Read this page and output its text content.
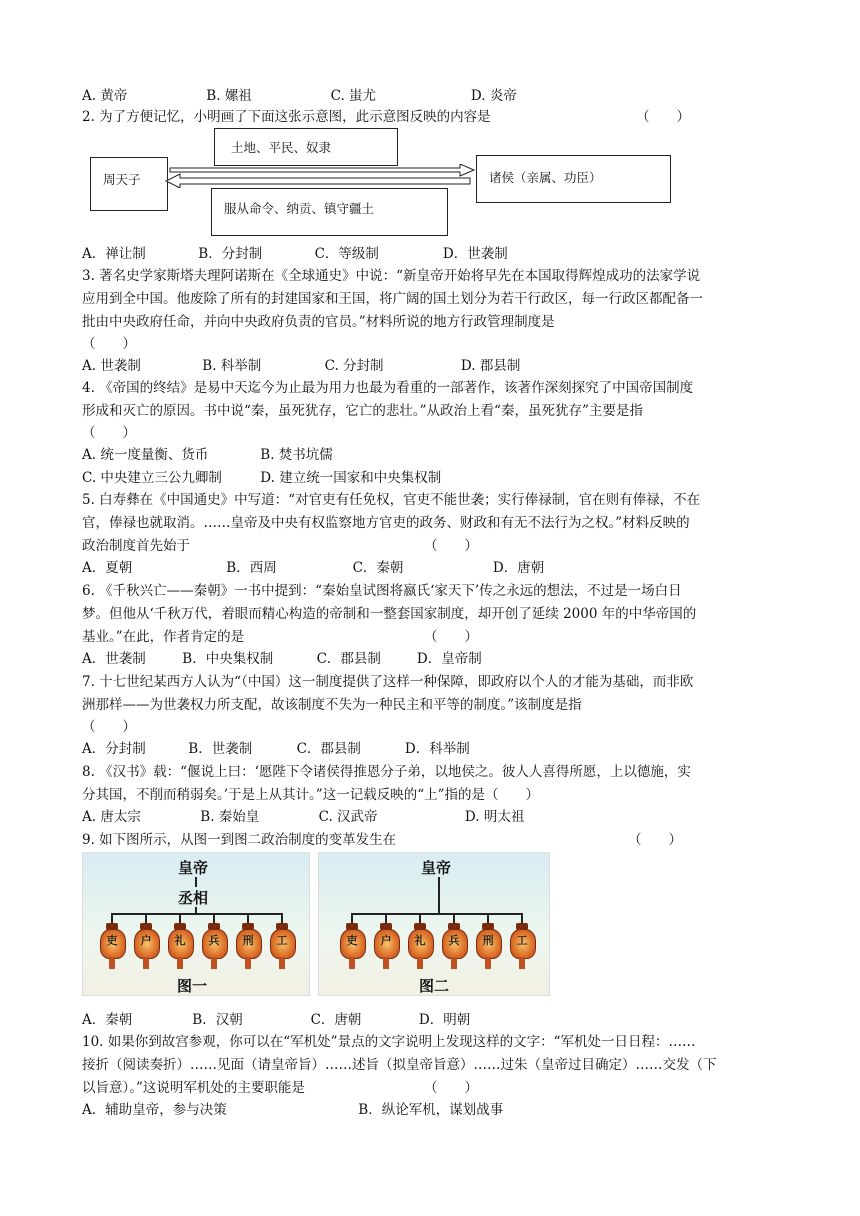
A. 黄帝	B. 嫘祖	C. 蚩尤	D. 炎帝
2. 为了方便记忆，小明画了下面这张示意图，此示意图反映的内容是	（　　）
周天子
土地、平民、奴隶
服从命令、纳贡、镇守疆土
诸侯（亲属、功臣）
A．禅让制	B．分封制	C．等级制	D．世袭制
3. 著名史学家斯塔夫理阿诺斯在《全球通史》中说：“新皇帝开始将早先在本国取得辉煌成功的法家学说
应用到全中国。他废除了所有的封建国家和王国，将广阔的国土划分为若干行政区，每一行政区都配备一
批由中央政府任命，并向中央政府负责的官员。”材料所说的地方行政管理制度是
（　　）
A. 世袭制	B. 科举制	C. 分封制	D. 郡县制
4. 《帝国的终结》是易中天迄今为止最为用力也最为看重的一部著作，该著作深刻探究了中国帝国制度
形成和灭亡的原因。书中说“秦，虽死犹存，它亡的悲壮。”从政治上看“秦，虽死犹存”主要是指
（　　）
A. 统一度量衡、货币	B. 焚书坑儒
C. 中央建立三公九卿制	D. 建立统一国家和中央集权制
5. 白寿彝在《中国通史》中写道：“对官吏有任免权，官吏不能世袭；实行俸禄制，官在则有俸禄，不在
官，俸禄也就取消。……皇帝及中央有权监察地方官吏的政务、财政和有无不法行为之权。”材料反映的
政治制度首先始于	（　　）
A．夏朝	B．西周	C．秦朝	D．唐朝
6. 《千秋兴亡——秦朝》一书中提到：“秦始皇试图将嬴氏‘家天下’传之永远的想法，不过是一场白日
梦。但他从‘千秋万代，着眼而精心构造的帝制和一整套国家制度，却开创了延续 2000 年的中华帝国的
基业。”在此，作者肯定的是	（　　）
A．世袭制	B．中央集权制	C．郡县制	D．皇帝制
7. 十七世纪某西方人认为“（中国）这一制度提供了这样一种保障，即政府以个人的才能为基础，而非欧
洲那样——为世袭权力所支配，故该制度不失为一种民主和平等的制度。”该制度是指
（　　）
A．分封制	B．世袭制	C．郡县制	D．科举制
8. 《汉书》载：“偃说上曰：‘愿陛下令诸侯得推恩分子弟，以地侯之。彼人人喜得所愿，上以德施，实
分其国，不削而稍弱矣。’于是上从其计。”这一记载反映的“上”指的是（　　）
A. 唐太宗	B. 秦始皇	C. 汉武帝	D. 明太祖
9. 如下图所示，从图一到图二政治制度的变革发生在	（　　）
皇帝
丞相
吏	户	礼	兵	刑	工
图一
皇帝
吏	户	礼	兵	刑	工
图二
A．秦朝	B．汉朝	C．唐朝	D．明朝
10. 如果你到故宫参观，你可以在“军机处”景点的文字说明上发现这样的文字：“军机处一日日程：……
接折（阅读奏折）……见面（请皇帝旨）……述旨（拟皇帝旨意）……过朱（皇帝过目确定）……交发（下
以旨意）。”这说明军机处的主要职能是	（　　）
A．辅助皇帝，参与决策	B．纵论军机，谋划战事
